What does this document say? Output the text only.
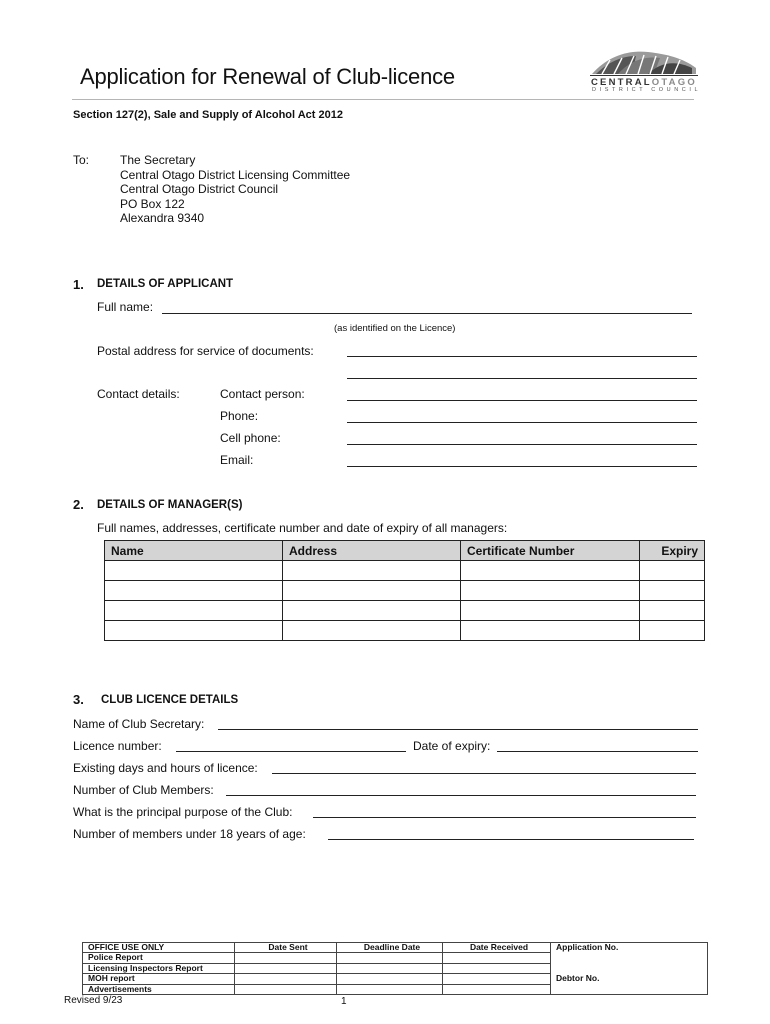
Application for Renewal of Club-licence	CENTRALOTAGO
DISTRICT COUNCIL
Section 127(2), Sale and Supply of Alcohol Act 2012
To:	The Secretary
Central Otago District Licensing Committee
Central Otago District Council
PO Box 122
Alexandra 9340
1. DETAILS OF APPLICANT
Full name:
(as identified on the Licence)
Postal address for service of documents:
Contact details:	Contact person:
Phone:
Cell phone:
Email:
2. DETAILS OF MANAGER(S)
Full names, addresses, certificate number and date of expiry of all managers:
Name	Address	Certificate Number	Expiry

3. CLUB LICENCE DETAILS
Name of Club Secretary:
Licence number:	Date of expiry:
Existing days and hours of licence:
Number of Club Members:
What is the principal purpose of the Club:
Number of members under 18 years of age:
OFFICE USE ONLY	Date Sent	Deadline Date	Date Received	Application No.
Police Report				
Licensing Inspectors Report				
MOH report				Debtor No.
Advertisements				
Revised 9/23	1
